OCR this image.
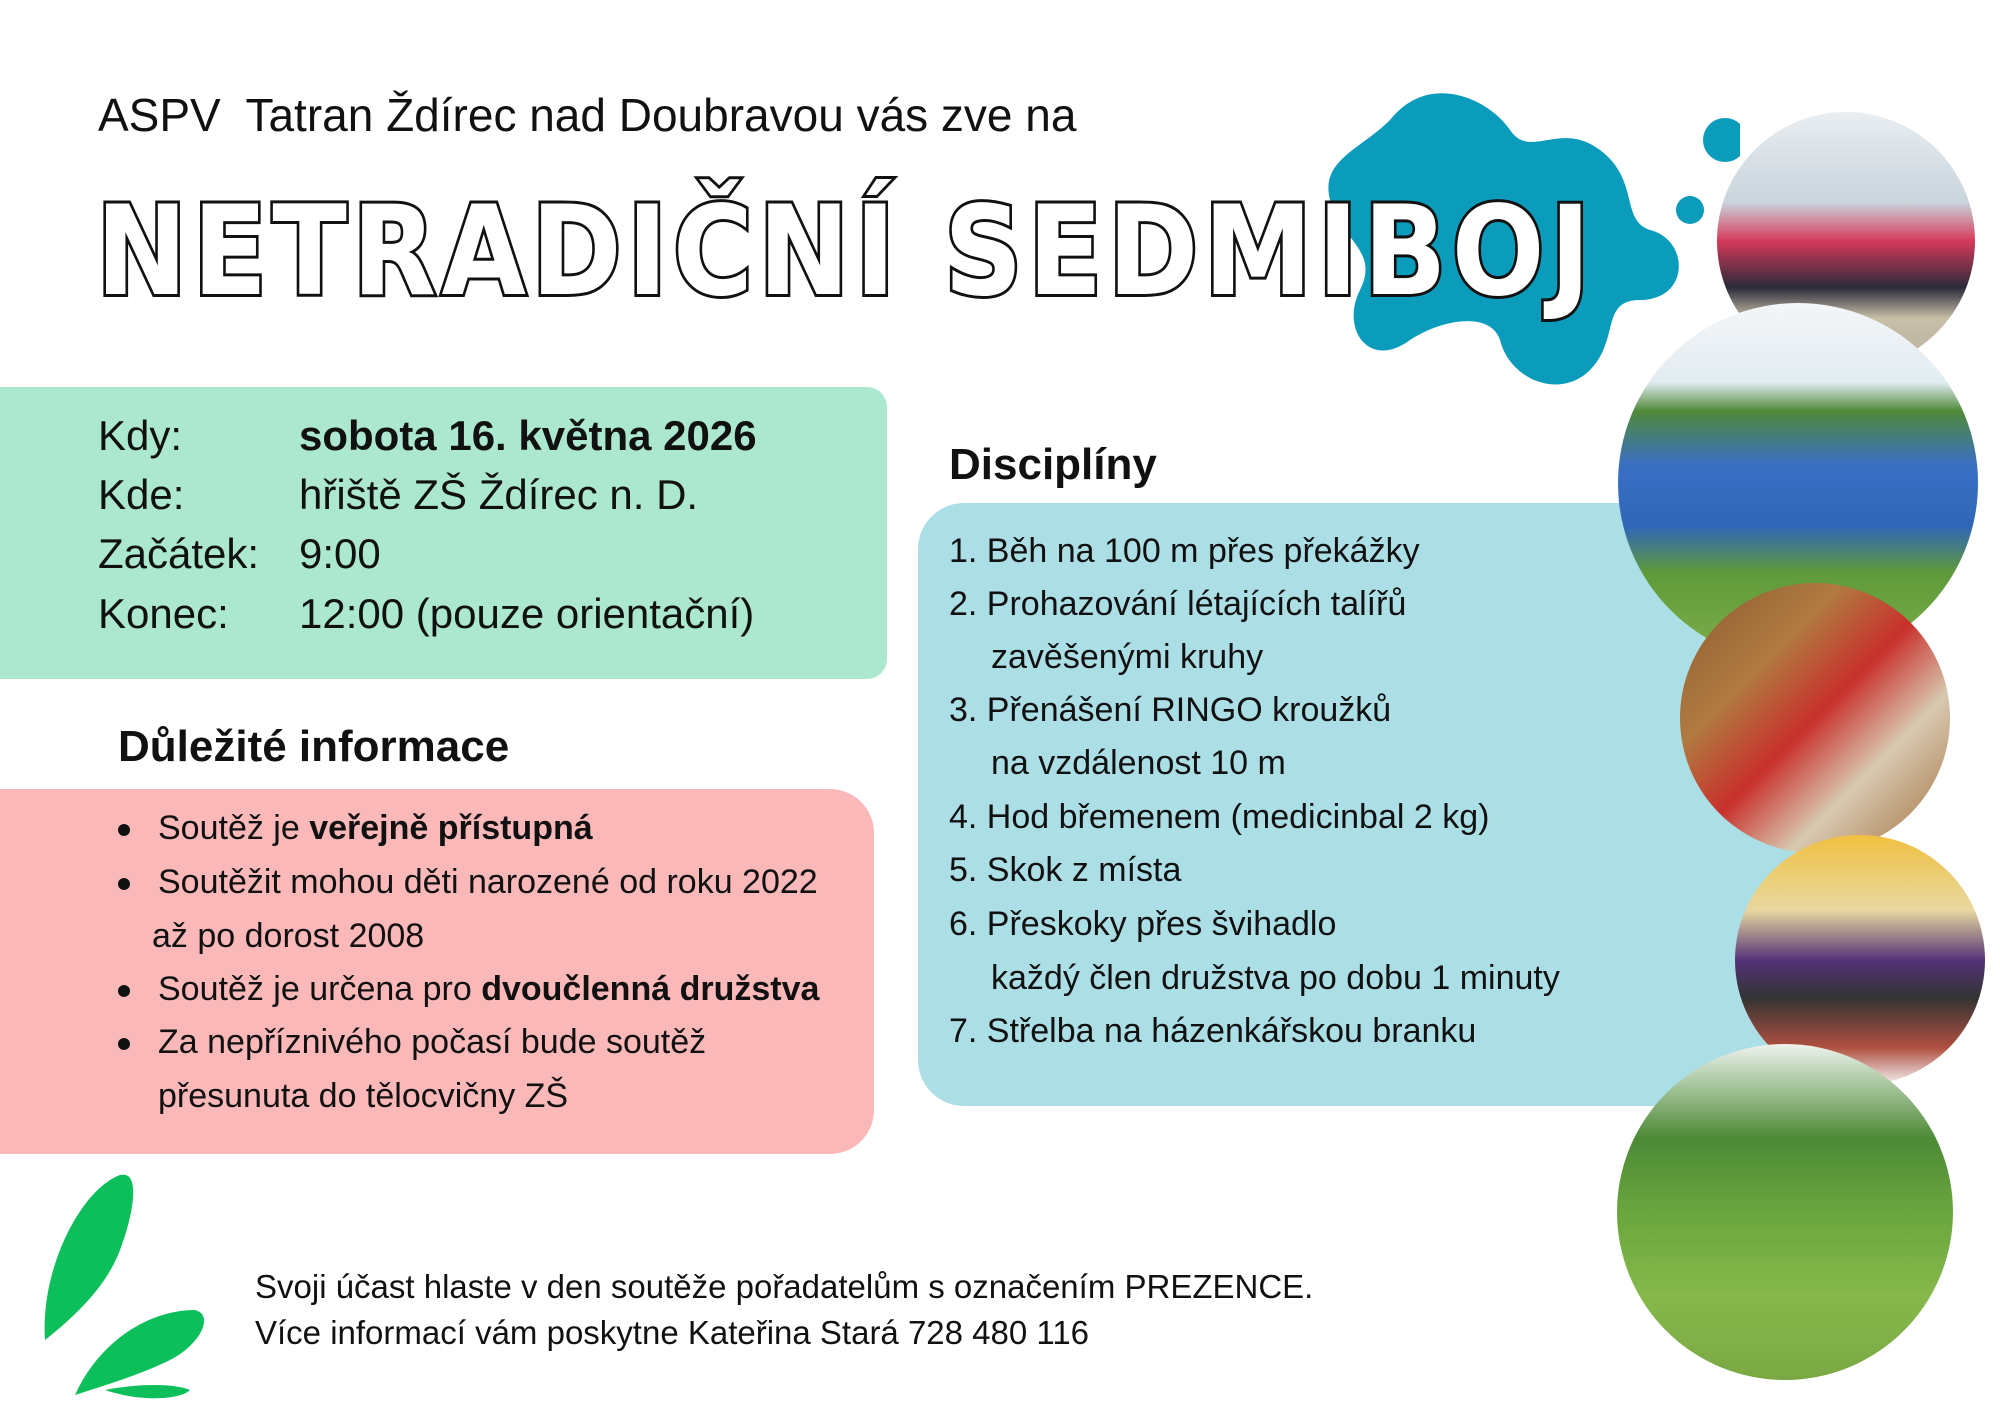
ASPV  Tatran Ždírec nad Doubravou vás zve na
NETRADIČNÍ SEDMIBOJ
Kdy:	sobota 16. května 2026
Kde:	hřiště ZŠ Ždírec n. D.
Začátek: 9:00
Konec: 12:00 (pouze orientační)
Důležité informace
Soutěž je veřejně přístupná
Soutěžit mohou děti narozené od roku 2022
až po dorost 2008
Soutěž je určena pro dvoučlenná družstva
Za nepříznivého počasí bude soutěž
přesunuta do tělocvičny ZŠ
Disciplíny
1. Běh na 100 m přes překážky
2. Prohazování létajících talířů
zavěšenými kruhy
3. Přenášení RINGO kroužků
na vzdálenost 10 m
4. Hod břemenem (medicinbal 2 kg)
5. Skok z místa
6. Přeskoky přes švihadlo
každý člen družstva po dobu 1 minuty
7. Střelba na házenkářskou branku
Svoji účast hlaste v den soutěže pořadatelům s označením PREZENCE.
Více informací vám poskytne Kateřina Stará 728 480 116
